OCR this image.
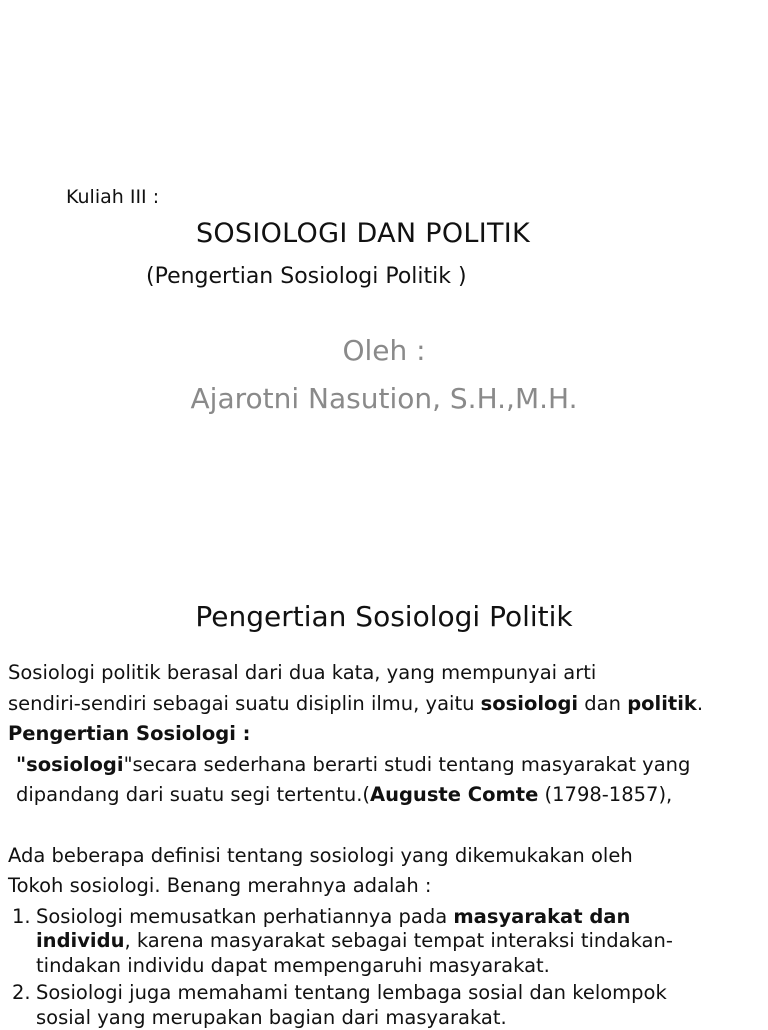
Kuliah III :
SOSIOLOGI DAN POLITIK
(Pengertian Sosiologi Politik )
Oleh :
Ajarotni Nasution, S.H.,M.H.
Pengertian Sosiologi Politik

Sosiologi politik berasal dari dua kata, yang mempunyai arti

sendiri-sendiri sebagai suatu disiplin ilmu, yaitu sosiologi dan politik.

Pengertian Sosiologi :

"sosiologi"secara sederhana berarti studi tentang masyarakat yang

dipandang dari suatu segi tertentu.(Auguste Comte (1798-1857),

Ada beberapa definisi tentang sosiologi yang dikemukakan oleh

Tokoh sosiologi. Benang merahnya adalah :

1. Sosiologi memusatkan perhatiannya pada masyarakat dan

individu, karena masyarakat sebagai tempat interaksi tindakan-

tindakan individu dapat mempengaruhi masyarakat.

2. Sosiologi juga memahami tentang lembaga sosial dan kelompok

sosial yang merupakan bagian dari masyarakat.
